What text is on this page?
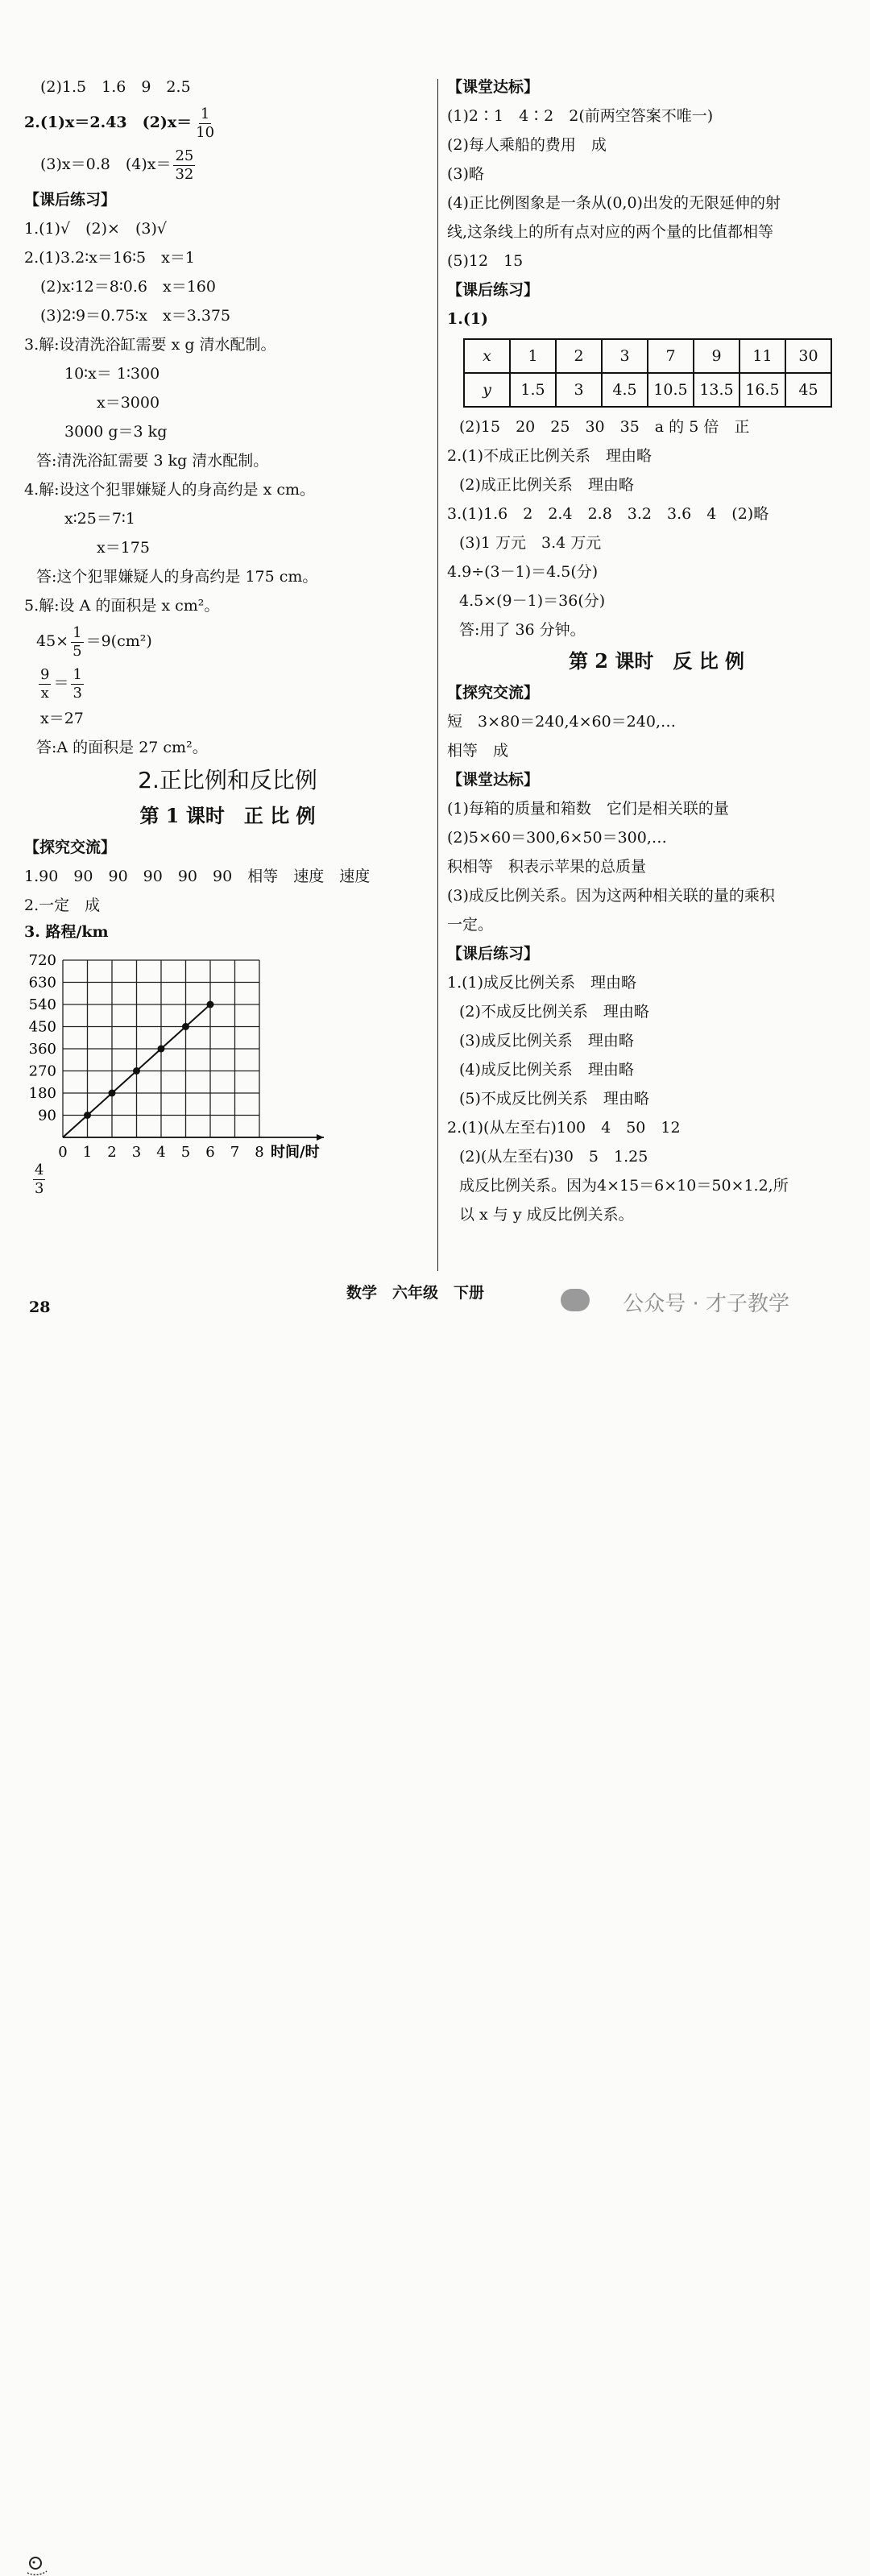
(2)1.5　1.6　9　2.5
2.(1)x＝2.43　$(2)x= \frac{1}{10}$
(3)x＝0.8　$(4)x= \frac{25}{32}$
【课后练习】
1.(1)√　(2)×　(3)√
2.(1)3.2∶x＝16∶5　x＝1
(2)x∶12＝8∶0.6　x＝160
(3)2∶9＝0.75∶x　x＝3.375
3.解:设清洗浴缸需要 x g 清水配制。
10∶x＝ 1∶300
x＝3000
3000 g＝3 kg
答:清洗浴缸需要 3 kg 清水配制。
4.解:设这个犯罪嫌疑人的身高约是 x cm。
x∶25＝7∶1
x＝175
答:这个犯罪嫌疑人的身高约是 175 cm。
5.解:设 A 的面积是 x cm²。
$45\times \frac{1}{5} =9(cm^2)$
$\frac{9}{x} = \frac{1}{3}$
x＝27
答:A 的面积是 27 cm²。
2.正比例和反比例
第 1 课时　正 比 例
【探究交流】
1.90　90　90　90　90　90　相等　速度　速度
2.一定　成
3. 路程/km
90
180
270
360
450
540
630
720
0 1 2 3 4 5 6 7 8 时间/时
$\frac{4}{3}$
【课堂达标】
(1)2∶1　4∶2　2(前两空答案不唯一)
(2)每人乘船的费用　成
(3)略
(4)正比例图象是一条从(0,0)出发的无限延伸的射
线,这条线上的所有点对应的两个量的比值都相等
(5)12　15
【课后练习】
1.(1)
x	1	2	3	7	9	11	30
y	1.5	3	4.5	10.5	13.5	16.5	45
(2)15　20　25　30　35　a 的 5 倍　正
2.(1)不成正比例关系　理由略
(2)成正比例关系　理由略
3.(1)1.6　2　2.4　2.8　3.2　3.6　4　(2)略
(3)1 万元　3.4 万元
4.9÷(3－1)＝4.5(分)
4.5×(9－1)＝36(分)
答:用了 36 分钟。
第 2 课时　反 比 例
【探究交流】
短　3×80＝240,4×60＝240,…
相等　成
【课堂达标】
(1)每箱的质量和箱数　它们是相关联的量
(2)5×60＝300,6×50＝300,…
积相等　积表示苹果的总质量
(3)成反比例关系。因为这两种相关联的量的乘积
一定。
【课后练习】
1.(1)成反比例关系　理由略
(2)不成反比例关系　理由略
(3)成反比例关系　理由略
(4)成反比例关系　理由略
(5)不成反比例关系　理由略
2.(1)(从左至右)100　4　50　12
(2)(从左至右)30　5　1.25
成反比例关系。因为4×15＝6×10＝50×1.2,所
以 x 与 y 成反比例关系。
28
数学　六年级　下册	公众号 · 才子教学
